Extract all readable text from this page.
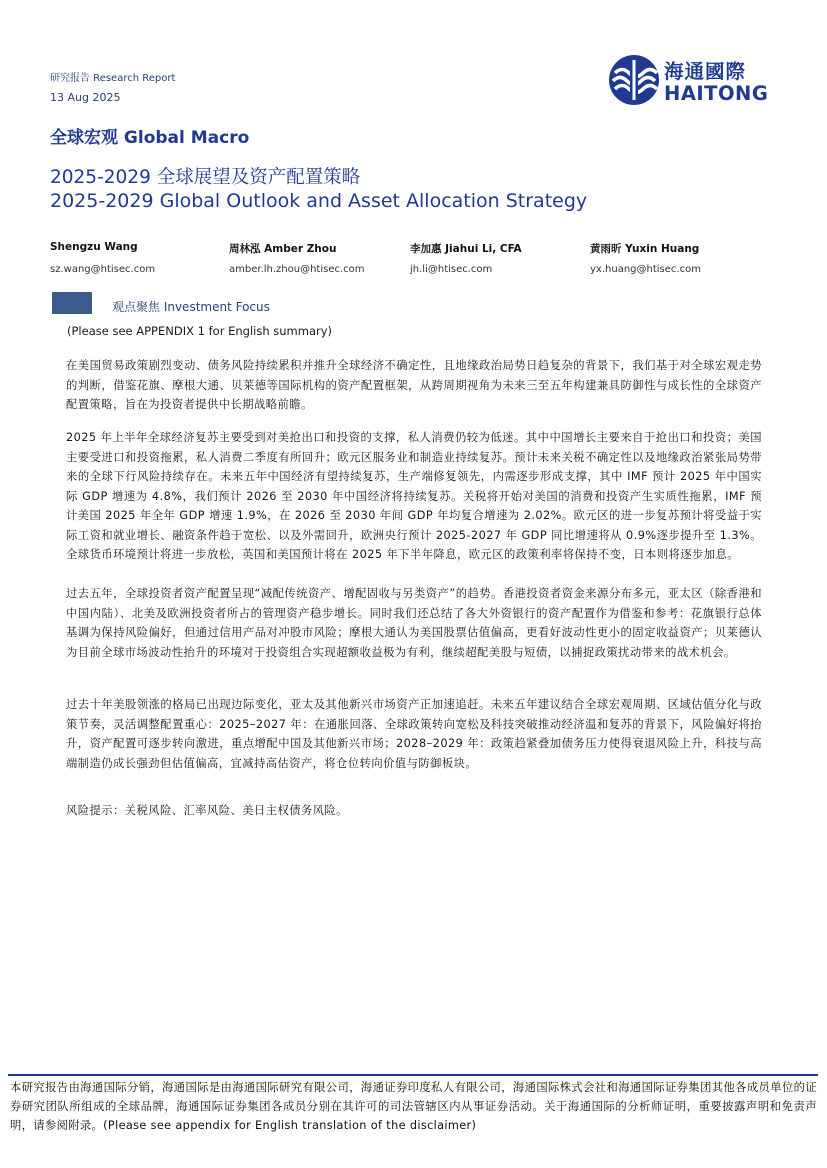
研究报告 Research Report
13 Aug 2025
海通國際
HAITONG
全球宏观 Global Macro
2025-2029 全球展望及资产配置策略
2025-2029 Global Outlook and Asset Allocation Strategy
Shengzu Wang
sz.wang@htisec.com
周林泓 Amber Zhou
amber.lh.zhou@htisec.com
李加惠 Jiahui Li, CFA
jh.li@htisec.com
黄雨昕 Yuxin Huang
yx.huang@htisec.com
观点聚焦 Investment Focus
(Please see APPENDIX 1 for English summary)
在美国贸易政策剧烈变动、债务风险持续累积并推升全球经济不确定性，且地缘政治局势日趋复杂的背景下，我们基于对全球宏观走势的判断，借鉴花旗、摩根大通、贝莱德等国际机构的资产配置框架，从跨周期视角为未来三至五年构建兼具防御性与成长性的全球资产配置策略，旨在为投资者提供中长期战略前瞻。
2025 年上半年全球经济复苏主要受到对美抢出口和投资的支撑，私人消费仍较为低迷。其中中国增长主要来自于抢出口和投资；美国主要受进口和投资拖累，私人消费二季度有所回升；欧元区服务业和制造业持续复苏。预计未来关税不确定性以及地缘政治紧张局势带来的全球下行风险持续存在。未来五年中国经济有望持续复苏，生产端修复领先，内需逐步形成支撑，其中 IMF 预计 2025 年中国实际 GDP 增速为 4.8%，我们预计 2026 至 2030 年中国经济将持续复苏。关税将开始对美国的消费和投资产生实质性拖累，IMF 预计美国 2025 年全年 GDP 增速 1.9%，在 2026 至 2030 年间 GDP 年均复合增速为 2.02%。欧元区的进一步复苏预计将受益于实际工资和就业增长、融资条件趋于宽松、以及外需回升，欧洲央行预计 2025-2027 年 GDP 同比增速将从 0.9%逐步提升至 1.3%。全球货币环境预计将进一步放松，英国和美国预计将在 2025 年下半年降息，欧元区的政策利率将保持不变，日本则将逐步加息。
过去五年，全球投资者资产配置呈现“减配传统资产、增配固收与另类资产”的趋势。香港投资者资金来源分布多元，亚太区（除香港和中国内陆）、北美及欧洲投资者所占的管理资产稳步增长。同时我们还总结了各大外资银行的资产配置作为借鉴和参考：花旗银行总体基调为保持风险偏好，但通过信用产品对冲股市风险；摩根大通认为美国股票估值偏高，更看好波动性更小的固定收益资产；贝莱德认为目前全球市场波动性抬升的环境对于投资组合实现超额收益极为有利，继续超配美股与短债，以捕捉政策扰动带来的战术机会。
过去十年美股领涨的格局已出现边际变化，亚太及其他新兴市场资产正加速追赶。未来五年建议结合全球宏观周期、区域估值分化与政策节奏，灵活调整配置重心：2025–2027 年：在通胀回落、全球政策转向宽松及科技突破推动经济温和复苏的背景下，风险偏好将抬升，资产配置可逐步转向激进，重点增配中国及其他新兴市场；2028–2029 年：政策趋紧叠加债务压力使得衰退风险上升，科技与高端制造仍成长强劲但估值偏高，宜减持高估资产，将仓位转向价值与防御板块。
风险提示：关税风险、汇率风险、美日主权债务风险。
本研究报告由海通国际分销，海通国际是由海通国际研究有限公司，海通证券印度私人有限公司，海通国际株式会社和海通国际证券集团其他各成员单位的证券研究团队所组成的全球品牌，海通国际证券集团各成员分别在其许可的司法管辖区内从事证券活动。关于海通国际的分析师证明，重要披露声明和免责声明，请参阅附录。(Please see appendix for English translation of the disclaimer)
